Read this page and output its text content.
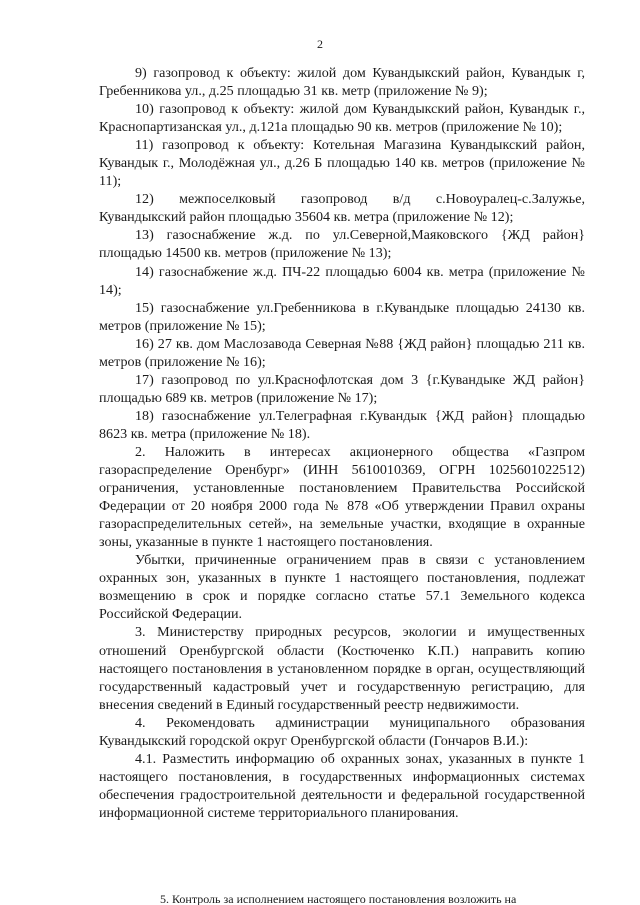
2

9) газопровод к объекту: жилой дом Кувандыкский район, Кувандык г, Гребенникова ул., д.25 площадью 31 кв. метр (приложение № 9);

10) газопровод к объекту: жилой дом Кувандыкский район, Кувандык г., Краснопартизанская ул., д.121а площадью 90 кв. метров (приложение № 10);

11) газопровод к объекту: Котельная Магазина Кувандыкский район, Кувандык г., Молодёжная ул., д.26 Б площадью 140 кв. метров (приложение № 11);

12) межпоселковый газопровод в/д с.Новоуралец-с.Залужье, Кувандыкский район площадью 35604 кв. метра (приложение № 12);

13) газоснабжение ж.д. по ул.Северной,Маяковского {ЖД район} площадью 14500 кв. метров (приложение № 13);

14) газоснабжение ж.д. ПЧ-22 площадью 6004 кв. метра (приложение № 14);

15) газоснабжение ул.Гребенникова в г.Кувандыке площадью 24130 кв. метров (приложение № 15);

16) 27 кв. дом Маслозавода Северная №88 {ЖД район} площадью 211 кв. метров (приложение № 16);

17) газопровод по ул.Краснофлотская дом 3 {г.Кувандыке ЖД район} площадью 689 кв. метров (приложение № 17);

18) газоснабжение ул.Телеграфная г.Кувандык {ЖД район} площадью 8623 кв. метра (приложение № 18).

2. Наложить в интересах акционерного общества «Газпром газораспределение Оренбург» (ИНН 5610010369, ОГРН 1025601022512) ограничения, установленные постановлением Правительства Российской Федерации от 20 ноября 2000 года № 878 «Об утверждении Правил охраны газораспределительных сетей», на земельные участки, входящие в охранные зоны, указанные в пункте 1 настоящего постановления.

Убытки, причиненные ограничением прав в связи с установлением охранных зон, указанных в пункте 1 настоящего постановления, подлежат возмещению в срок и порядке согласно статье 57.1 Земельного кодекса Российской Федерации.

3. Министерству природных ресурсов, экологии и имущественных отношений Оренбургской области (Костюченко К.П.) направить копию настоящего постановления в установленном порядке в орган, осуществляющий государственный кадастровый учет и государственную регистрацию, для внесения сведений в Единый государственный реестр недвижимости.

4. Рекомендовать администрации муниципального образования Кувандыкский городской округ Оренбургской области (Гончаров В.И.):

4.1. Разместить информацию об охранных зонах, указанных в пункте 1 настоящего постановления, в государственных информационных системах обеспечения градостроительной деятельности и федеральной государственной информационной системе территориального планирования.

5. Контроль за исполнением настоящего постановления возложить на
